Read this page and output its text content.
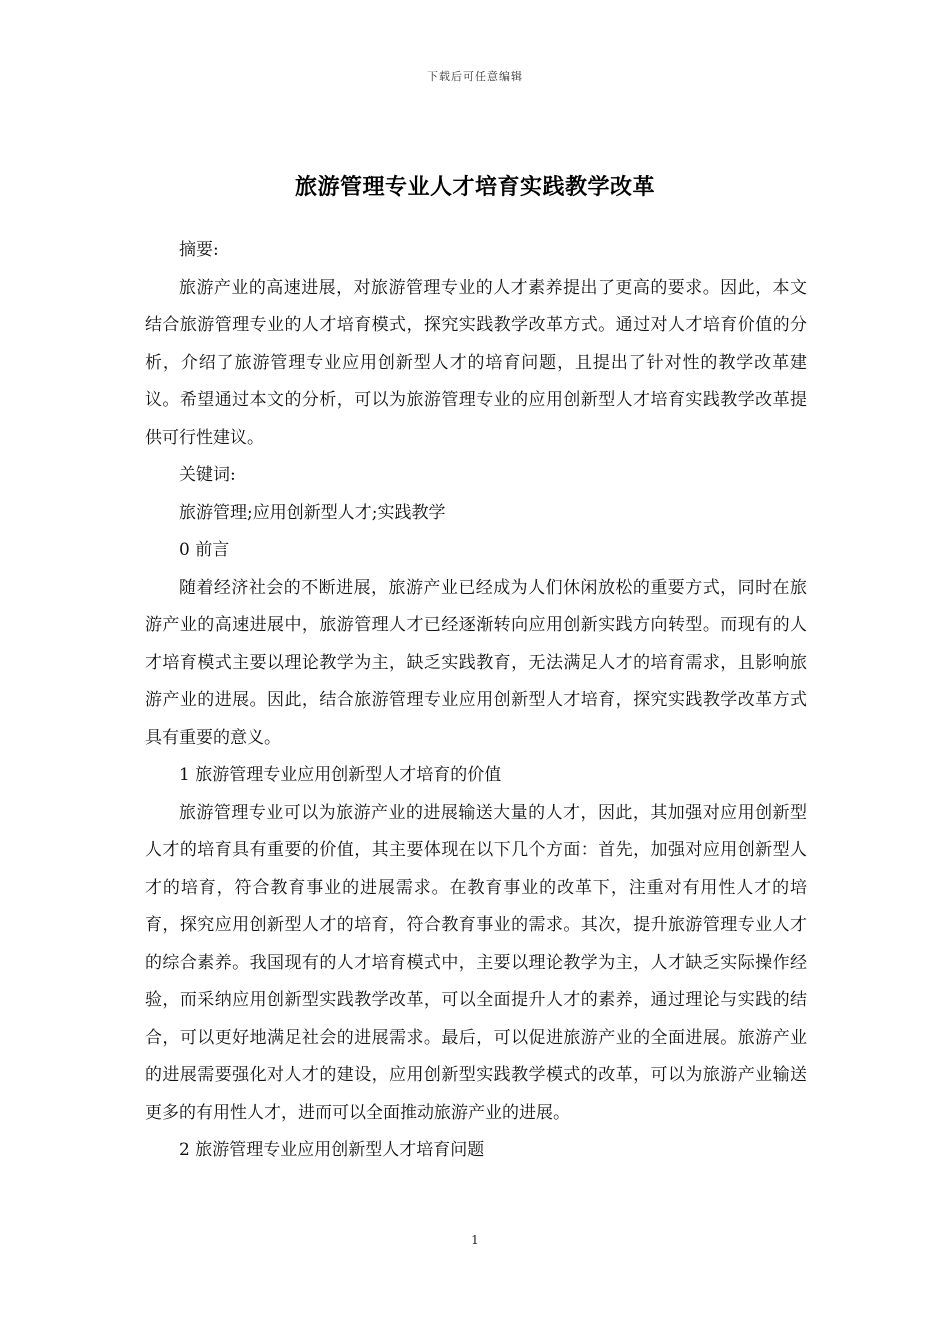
下载后可任意编辑
旅游管理专业人才培育实践教学改革

摘要:

旅游产业的高速进展，对旅游管理专业的人才素养提出了更高的要求。因此，本文结合旅游管理专业的人才培育模式，探究实践教学改革方式。通过对人才培育价值的分析，介绍了旅游管理专业应用创新型人才的培育问题，且提出了针对性的教学改革建议。希望通过本文的分析，可以为旅游管理专业的应用创新型人才培育实践教学改革提供可行性建议。

关键词:

旅游管理;应用创新型人才;实践教学

0 前言

随着经济社会的不断进展，旅游产业已经成为人们休闲放松的重要方式，同时在旅游产业的高速进展中，旅游管理人才已经逐渐转向应用创新实践方向转型。而现有的人才培育模式主要以理论教学为主，缺乏实践教育，无法满足人才的培育需求，且影响旅游产业的进展。因此，结合旅游管理专业应用创新型人才培育，探究实践教学改革方式具有重要的意义。

1 旅游管理专业应用创新型人才培育的价值

旅游管理专业可以为旅游产业的进展输送大量的人才，因此，其加强对应用创新型人才的培育具有重要的价值，其主要体现在以下几个方面：首先，加强对应用创新型人才的培育，符合教育事业的进展需求。在教育事业的改革下，注重对有用性人才的培育，探究应用创新型人才的培育，符合教育事业的需求。其次，提升旅游管理专业人才的综合素养。我国现有的人才培育模式中，主要以理论教学为主，人才缺乏实际操作经验，而采纳应用创新型实践教学改革，可以全面提升人才的素养，通过理论与实践的结合，可以更好地满足社会的进展需求。最后，可以促进旅游产业的全面进展。旅游产业的进展需要强化对人才的建设，应用创新型实践教学模式的改革，可以为旅游产业输送更多的有用性人才，进而可以全面推动旅游产业的进展。

2 旅游管理专业应用创新型人才培育问题

1
